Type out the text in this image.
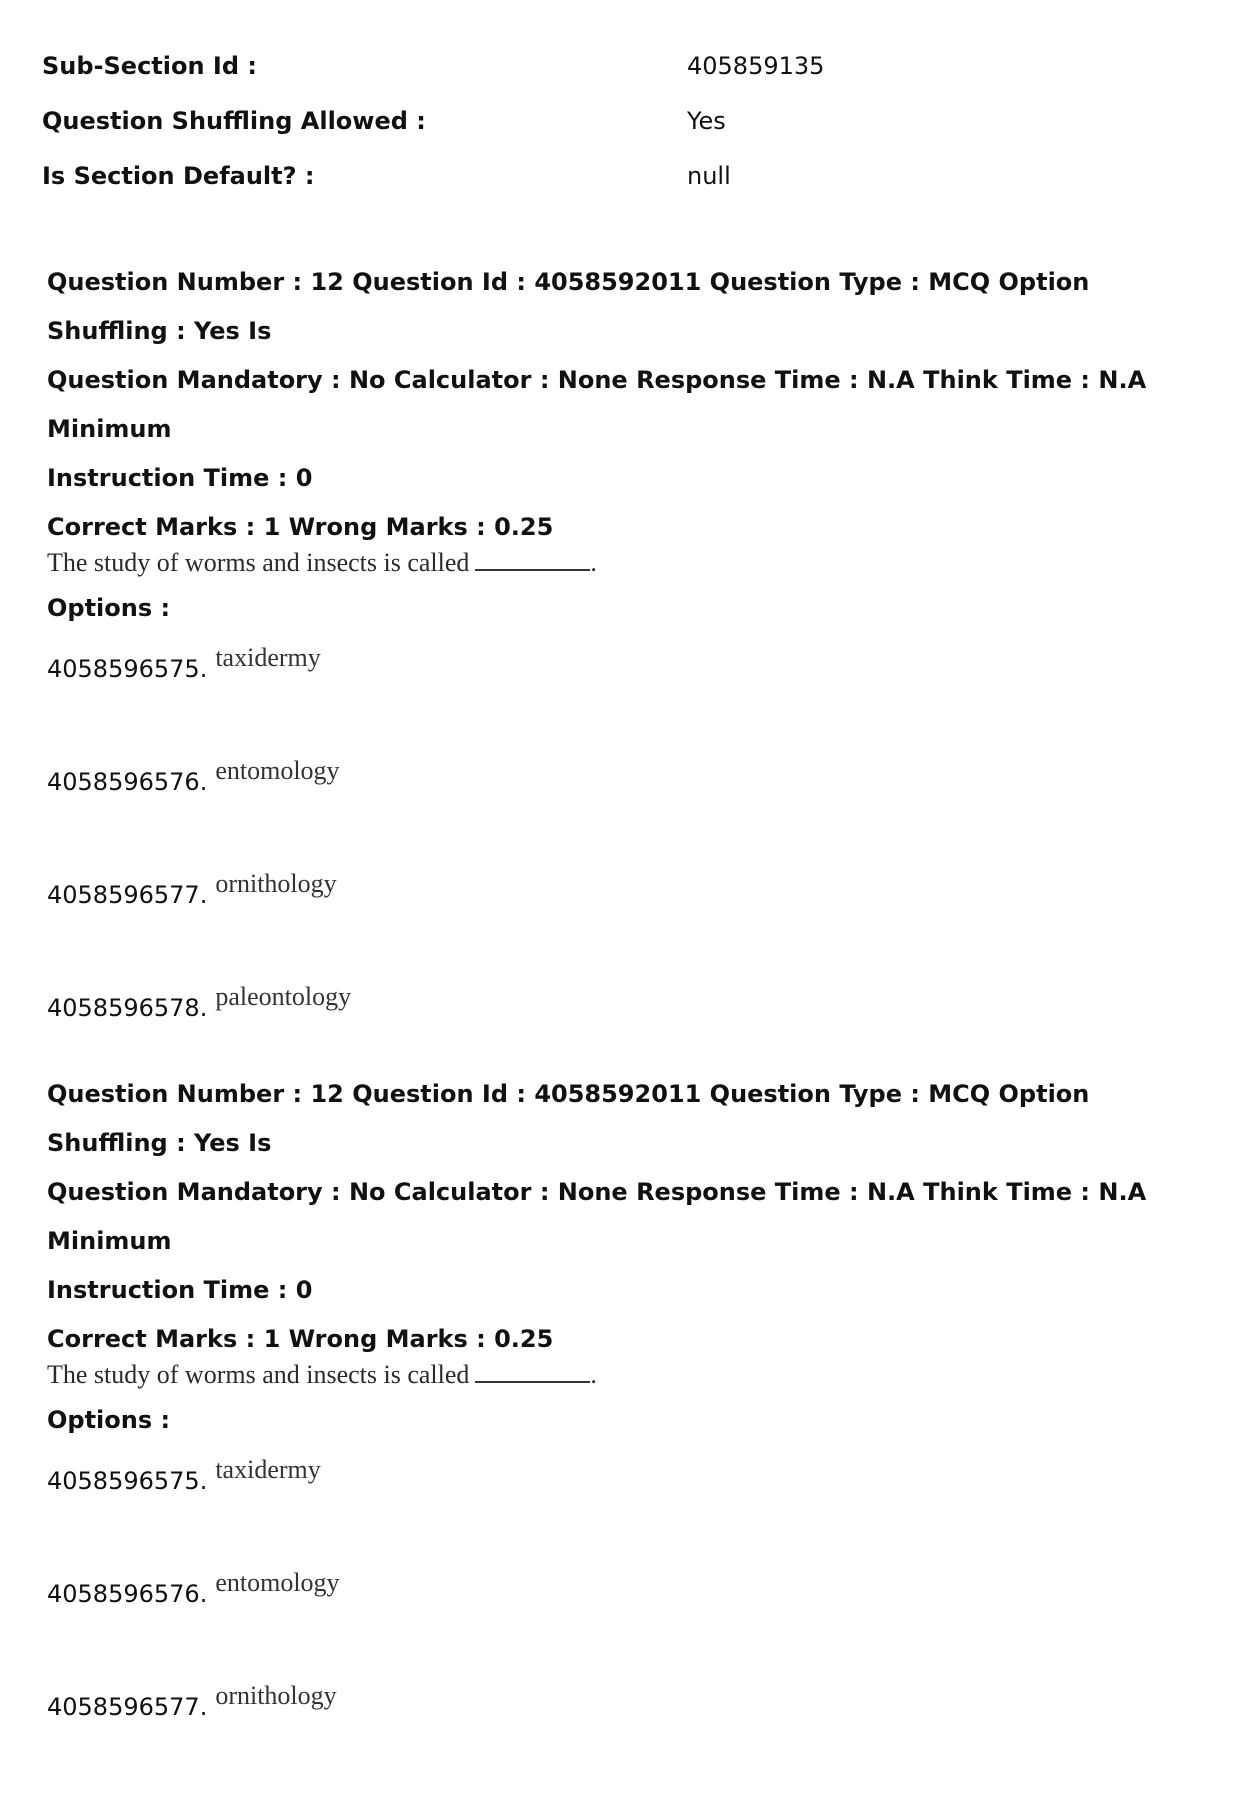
Sub-Section Id :	405859135
Question Shuffling Allowed :	Yes
Is Section Default? :	null

Question Number : 12 Question Id : 4058592011 Question Type : MCQ Option Shuffling : Yes Is

Question Mandatory : No Calculator : None Response Time : N.A Think Time : N.A Minimum

Instruction Time : 0

Correct Marks : 1 Wrong Marks : 0.25
The study of worms and insects is called	.
Options :
4058596575. taxidermy
4058596576. entomology
4058596577. ornithology
4058596578. paleontology

Question Number : 12 Question Id : 4058592011 Question Type : MCQ Option Shuffling : Yes Is

Question Mandatory : No Calculator : None Response Time : N.A Think Time : N.A Minimum

Instruction Time : 0

Correct Marks : 1 Wrong Marks : 0.25
The study of worms and insects is called	.
Options :
4058596575. taxidermy
4058596576. entomology
4058596577. ornithology
